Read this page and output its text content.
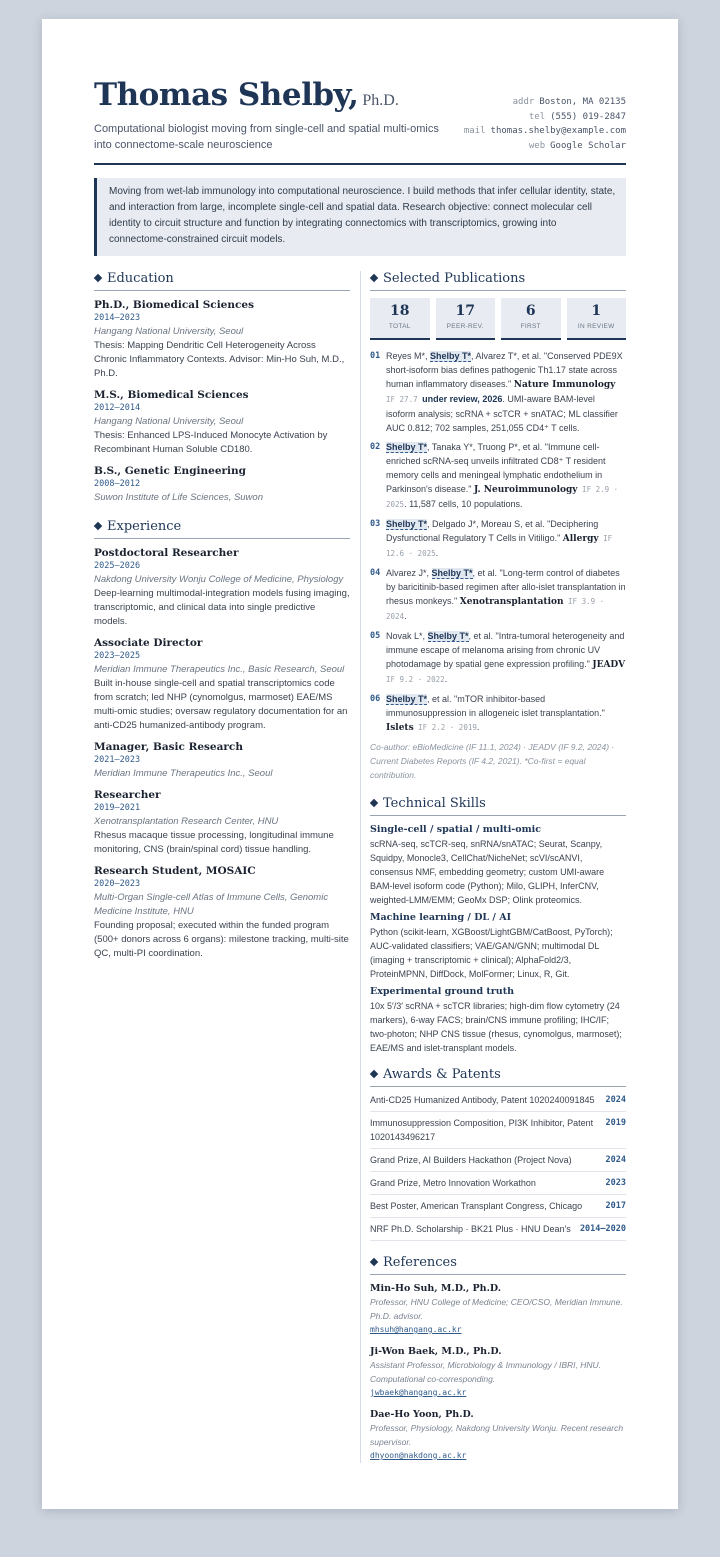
Thomas Shelby, Ph.D.
Computational biologist moving from single-cell and spatial multi-omics into connectome-scale neuroscience
addr Boston, MA 02135
tel (555) 019-2847
mail thomas.shelby@example.com
web Google Scholar
Moving from wet-lab immunology into computational neuroscience. I build methods that infer cellular identity, state, and interaction from large, incomplete single-cell and spatial data. Research objective: connect molecular cell identity to circuit structure and function by integrating connectomics with transcriptomics, growing into connectome-constrained circuit models.
Education
Ph.D., Biomedical Sciences
2014–2023
Hangang National University, Seoul
Thesis: Mapping Dendritic Cell Heterogeneity Across Chronic Inflammatory Contexts. Advisor: Min-Ho Suh, M.D., Ph.D.
M.S., Biomedical Sciences
2012–2014
Hangang National University, Seoul
Thesis: Enhanced LPS-Induced Monocyte Activation by Recombinant Human Soluble CD180.
B.S., Genetic Engineering
2008–2012
Suwon Institute of Life Sciences, Suwon
Experience
Postdoctoral Researcher
2025–2026
Nakdong University Wonju College of Medicine, Physiology
Deep-learning multimodal-integration models fusing imaging, transcriptomic, and clinical data into single predictive models.
Associate Director
2023–2025
Meridian Immune Therapeutics Inc., Basic Research, Seoul
Built in-house single-cell and spatial transcriptomics code from scratch; led NHP (cynomolgus, marmoset) EAE/MS multi-omic studies; oversaw regulatory documentation for an anti-CD25 humanized-antibody program.
Manager, Basic Research
2021–2023
Meridian Immune Therapeutics Inc., Seoul
Researcher
2019–2021
Xenotransplantation Research Center, HNU
Rhesus macaque tissue processing, longitudinal immune monitoring, CNS (brain/spinal cord) tissue handling.
Research Student, MOSAIC
2020–2023
Multi-Organ Single-cell Atlas of Immune Cells, Genomic Medicine Institute, HNU
Founding proposal; executed within the funded program (500+ donors across 6 organs): milestone tracking, multi-site QC, multi-PI coordination.
Selected Publications
18
TOTAL
17
PEER-REV.
6
FIRST
1
IN REVIEW
01 Reyes M*, Shelby T*, Alvarez T*, et al. "Conserved PDE9X short-isoform bias defines pathogenic Th1.17 state across human inflammatory diseases." Nature Immunology IF 27.7 under review, 2026. UMI-aware BAM-level isoform analysis; scRNA + scTCR + snATAC; ML classifier AUC 0.812; 702 samples, 251,055 CD4⁺ T cells.
02 Shelby T*, Tanaka Y*, Truong P*, et al. "Immune cell-enriched scRNA-seq unveils infiltrated CD8⁺ T resident memory cells and meningeal lymphatic endothelium in Parkinson's disease." J. Neuroimmunology IF 2.9 · 2025. 11,587 cells, 10 populations.
03 Shelby T*, Delgado J*, Moreau S, et al. "Deciphering Dysfunctional Regulatory T Cells in Vitiligo." Allergy IF 12.6 · 2025.
04 Alvarez J*, Shelby T*, et al. "Long-term control of diabetes by baricitinib-based regimen after allo-islet transplantation in rhesus monkeys." Xenotransplantation IF 3.9 · 2024.
05 Novak L*, Shelby T*, et al. "Intra-tumoral heterogeneity and immune escape of melanoma arising from chronic UV photodamage by spatial gene expression profiling." JEADV IF 9.2 · 2022.
06 Shelby T*, et al. "mTOR inhibitor-based immunosuppression in allogeneic islet transplantation." Islets IF 2.2 · 2019.
Co-author: eBioMedicine (IF 11.1, 2024) · JEADV (IF 9.2, 2024) · Current Diabetes Reports (IF 4.2, 2021). *Co-first = equal contribution.
Technical Skills
Single-cell / spatial / multi-omic
scRNA-seq, scTCR-seq, snRNA/snATAC; Seurat, Scanpy, Squidpy, Monocle3, CellChat/NicheNet; scVI/scANVI, consensus NMF, embedding geometry; custom UMI-aware BAM-level isoform code (Python); Milo, GLIPH, InferCNV, weighted-LMM/EMM; GeoMx DSP; Olink proteomics.
Machine learning / DL / AI
Python (scikit-learn, XGBoost/LightGBM/CatBoost, PyTorch); AUC-validated classifiers; VAE/GAN/GNN; multimodal DL (imaging + transcriptomic + clinical); AlphaFold2/3, ProteinMPNN, DiffDock, MolFormer; Linux, R, Git.
Experimental ground truth
10x 5′/3′ scRNA + scTCR libraries; high-dim flow cytometry (24 markers), 6-way FACS; brain/CNS immune profiling; IHC/IF; two-photon; NHP CNS tissue (rhesus, cynomolgus, marmoset); EAE/MS and islet-transplant models.
Awards & Patents
Anti-CD25 Humanized Antibody, Patent 1020240091845 2024
Immunosuppression Composition, PI3K Inhibitor, Patent 1020143496217
2019
Grand Prize, AI Builders Hackathon (Project Nova)	2024
Grand Prize, Metro Innovation Workathon	2023
Best Poster, American Transplant Congress, Chicago	2017
NRF Ph.D. Scholarship · BK21 Plus · HNU Dean's 2014–2020
References
Min-Ho Suh, M.D., Ph.D.
Professor, HNU College of Medicine; CEO/CSO, Meridian Immune. Ph.D. advisor.
mhsuh@hangang.ac.kr
Ji-Won Baek, M.D., Ph.D.
Assistant Professor, Microbiology & Immunology / IBRI, HNU. Computational co-corresponding.
jwbaek@hangang.ac.kr
Dae-Ho Yoon, Ph.D.
Professor, Physiology, Nakdong University Wonju. Recent research supervisor.
dhyoon@nakdong.ac.kr
